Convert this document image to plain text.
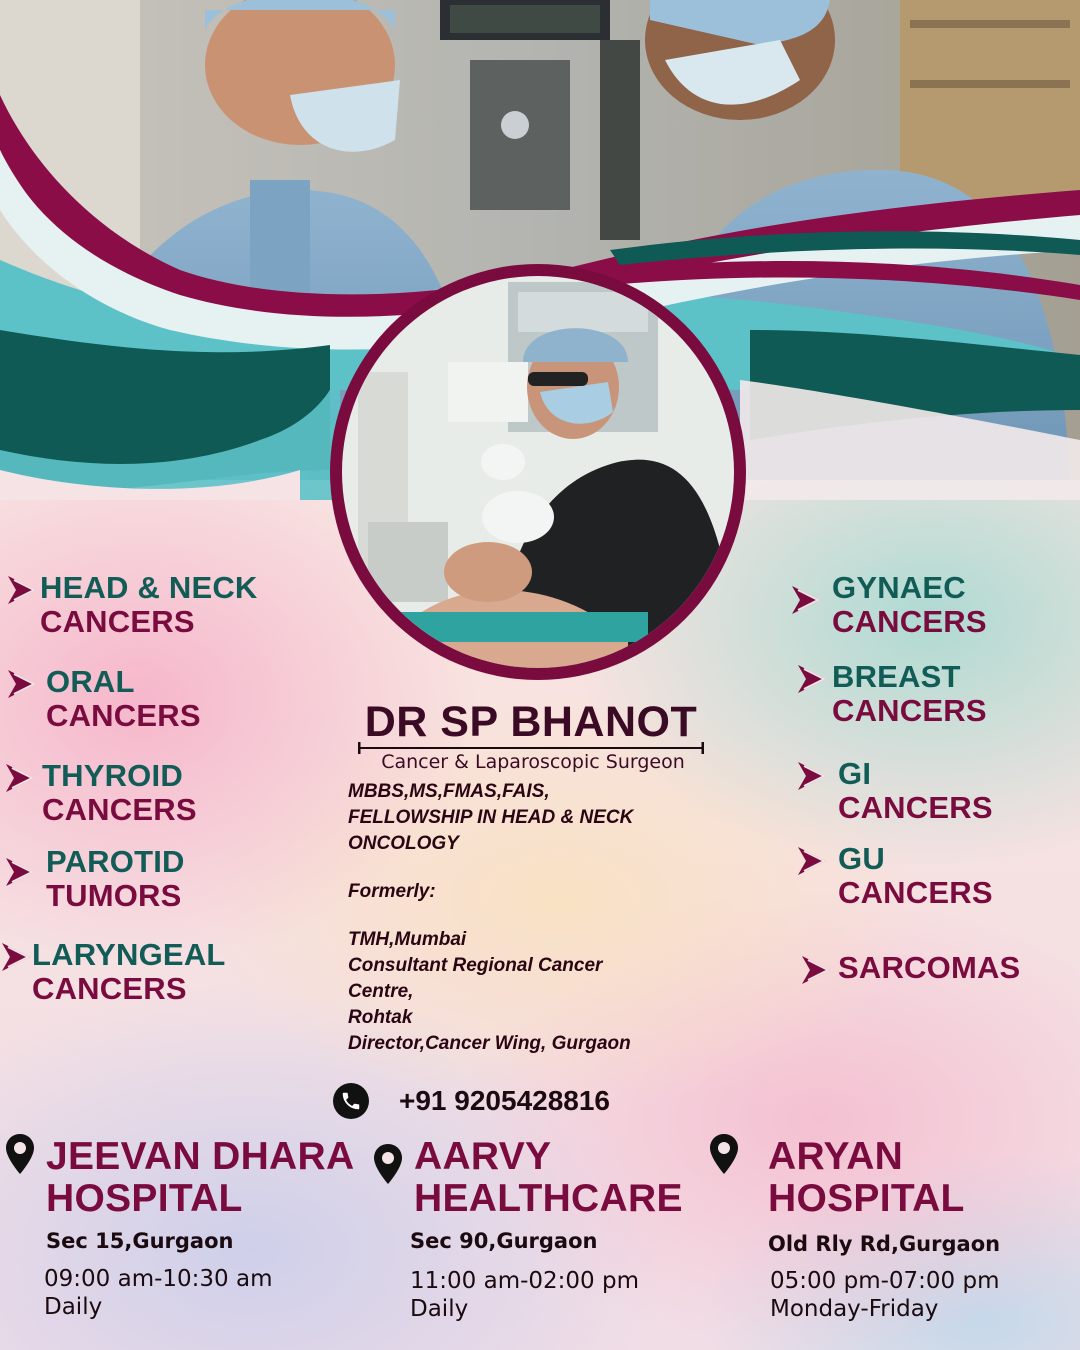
HEAD & NECK
CANCERS
ORAL
CANCERS
THYROID
CANCERS
PAROTID
TUMORS
LARYNGEAL
CANCERS
GYNAEC
CANCERS
BREAST
CANCERS
GI
CANCERS
GU
CANCERS
SARCOMAS
DR SP BHANOT
Cancer & Laparoscopic Surgeon
MBBS,MS,FMAS,FAIS,
FELLOWSHIP IN HEAD & NECK
ONCOLOGY
Formerly:
TMH,Mumbai
Consultant Regional Cancer
Centre,
Rohtak
Director,Cancer Wing, Gurgaon
+91 9205428816
JEEVAN DHARA
HOSPITAL
Sec 15,Gurgaon
09:00 am-10:30 am
Daily
AARVY
HEALTHCARE
Sec 90,Gurgaon
11:00 am-02:00 pm
Daily
ARYAN
HOSPITAL
Old Rly Rd,Gurgaon
05:00 pm-07:00 pm
Monday-Friday
